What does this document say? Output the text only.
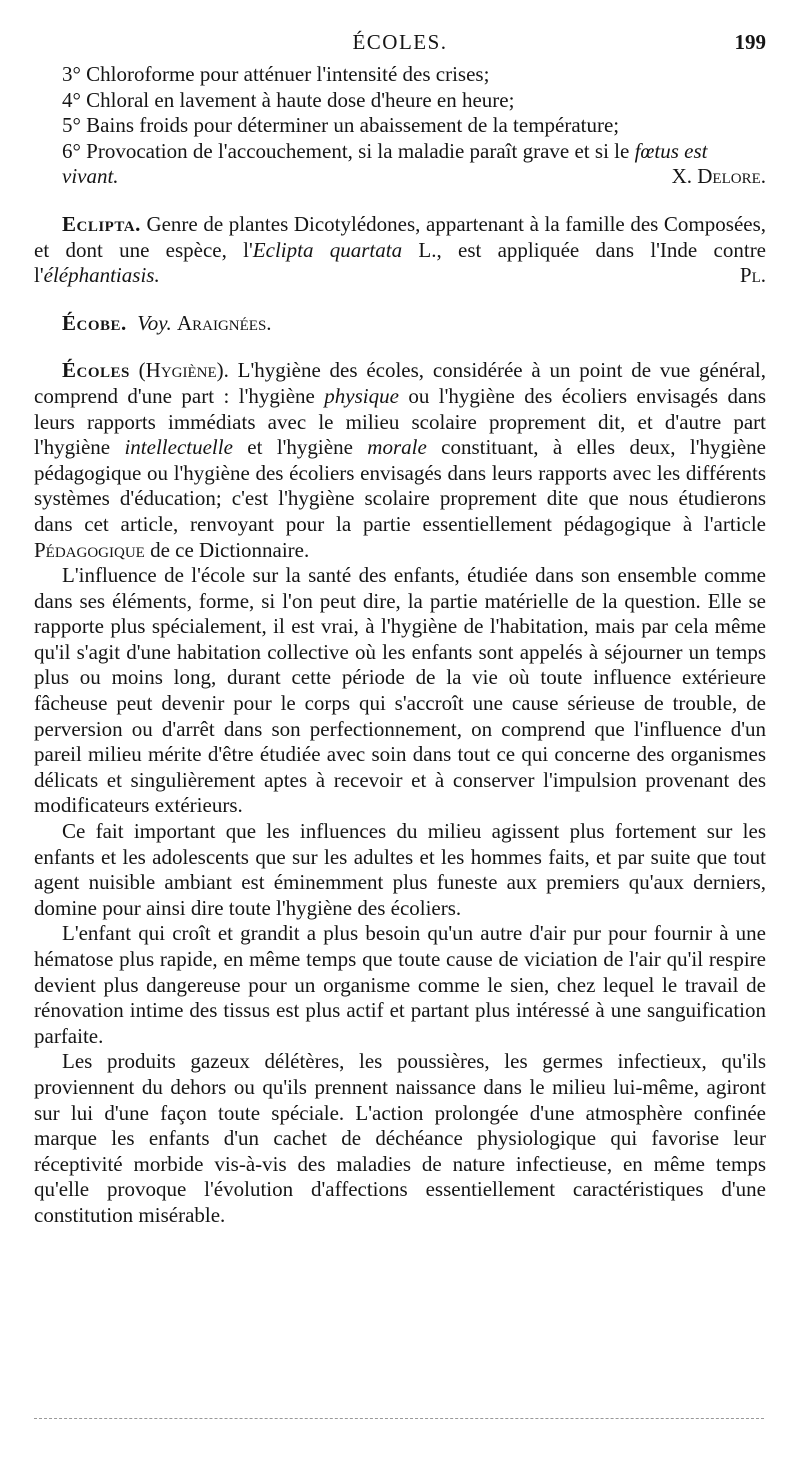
ÉCOLES.	199

3° Chloroforme pour atténuer l'intensité des crises;

4° Chloral en lavement à haute dose d'heure en heure;

5° Bains froids pour déterminer un abaissement de la température;

6° Provocation de l'accouchement, si la maladie paraît grave et si le fœtus est vivant.	X. Delore.

Eclipta. Genre de plantes Dicotylédones, appartenant à la famille des Composées, et dont une espèce, l'Eclipta quartata L., est appliquée dans l'Inde contre l'éléphantiasis.	Pl.

Écobe. Voy. Araignées.

Écoles (Hygiène). L'hygiène des écoles, considérée à un point de vue général, comprend d'une part : l'hygiène physique ou l'hygiène des écoliers envisagés dans leurs rapports immédiats avec le milieu scolaire proprement dit, et d'autre part l'hygiène intellectuelle et l'hygiène morale constituant, à elles deux, l'hygiène pédagogique ou l'hygiène des écoliers envisagés dans leurs rapports avec les différents systèmes d'éducation; c'est l'hygiène scolaire proprement dite que nous étudierons dans cet article, renvoyant pour la partie essentiellement pédagogique à l'article Pédagogique de ce Dictionnaire.

L'influence de l'école sur la santé des enfants, étudiée dans son ensemble comme dans ses éléments, forme, si l'on peut dire, la partie matérielle de la question. Elle se rapporte plus spécialement, il est vrai, à l'hygiène de l'habitation, mais par cela même qu'il s'agit d'une habitation collective où les enfants sont appelés à séjourner un temps plus ou moins long, durant cette période de la vie où toute influence extérieure fâcheuse peut devenir pour le corps qui s'accroît une cause sérieuse de trouble, de perversion ou d'arrêt dans son perfectionnement, on comprend que l'influence d'un pareil milieu mérite d'être étudiée avec soin dans tout ce qui concerne des organismes délicats et singulièrement aptes à recevoir et à conserver l'impulsion provenant des modificateurs extérieurs.

Ce fait important que les influences du milieu agissent plus fortement sur les enfants et les adolescents que sur les adultes et les hommes faits, et par suite que tout agent nuisible ambiant est éminemment plus funeste aux premiers qu'aux derniers, domine pour ainsi dire toute l'hygiène des écoliers.

L'enfant qui croît et grandit a plus besoin qu'un autre d'air pur pour fournir à une hématose plus rapide, en même temps que toute cause de viciation de l'air qu'il respire devient plus dangereuse pour un organisme comme le sien, chez lequel le travail de rénovation intime des tissus est plus actif et partant plus intéressé à une sanguification parfaite.

Les produits gazeux délétères, les poussières, les germes infectieux, qu'ils proviennent du dehors ou qu'ils prennent naissance dans le milieu lui-même, agiront sur lui d'une façon toute spéciale. L'action prolongée d'une atmosphère confinée marque les enfants d'un cachet de déchéance physiologique qui favorise leur réceptivité morbide vis-à-vis des maladies de nature infectieuse, en même temps qu'elle provoque l'évolution d'affections essentiellement caractéristiques d'une constitution misérable.
